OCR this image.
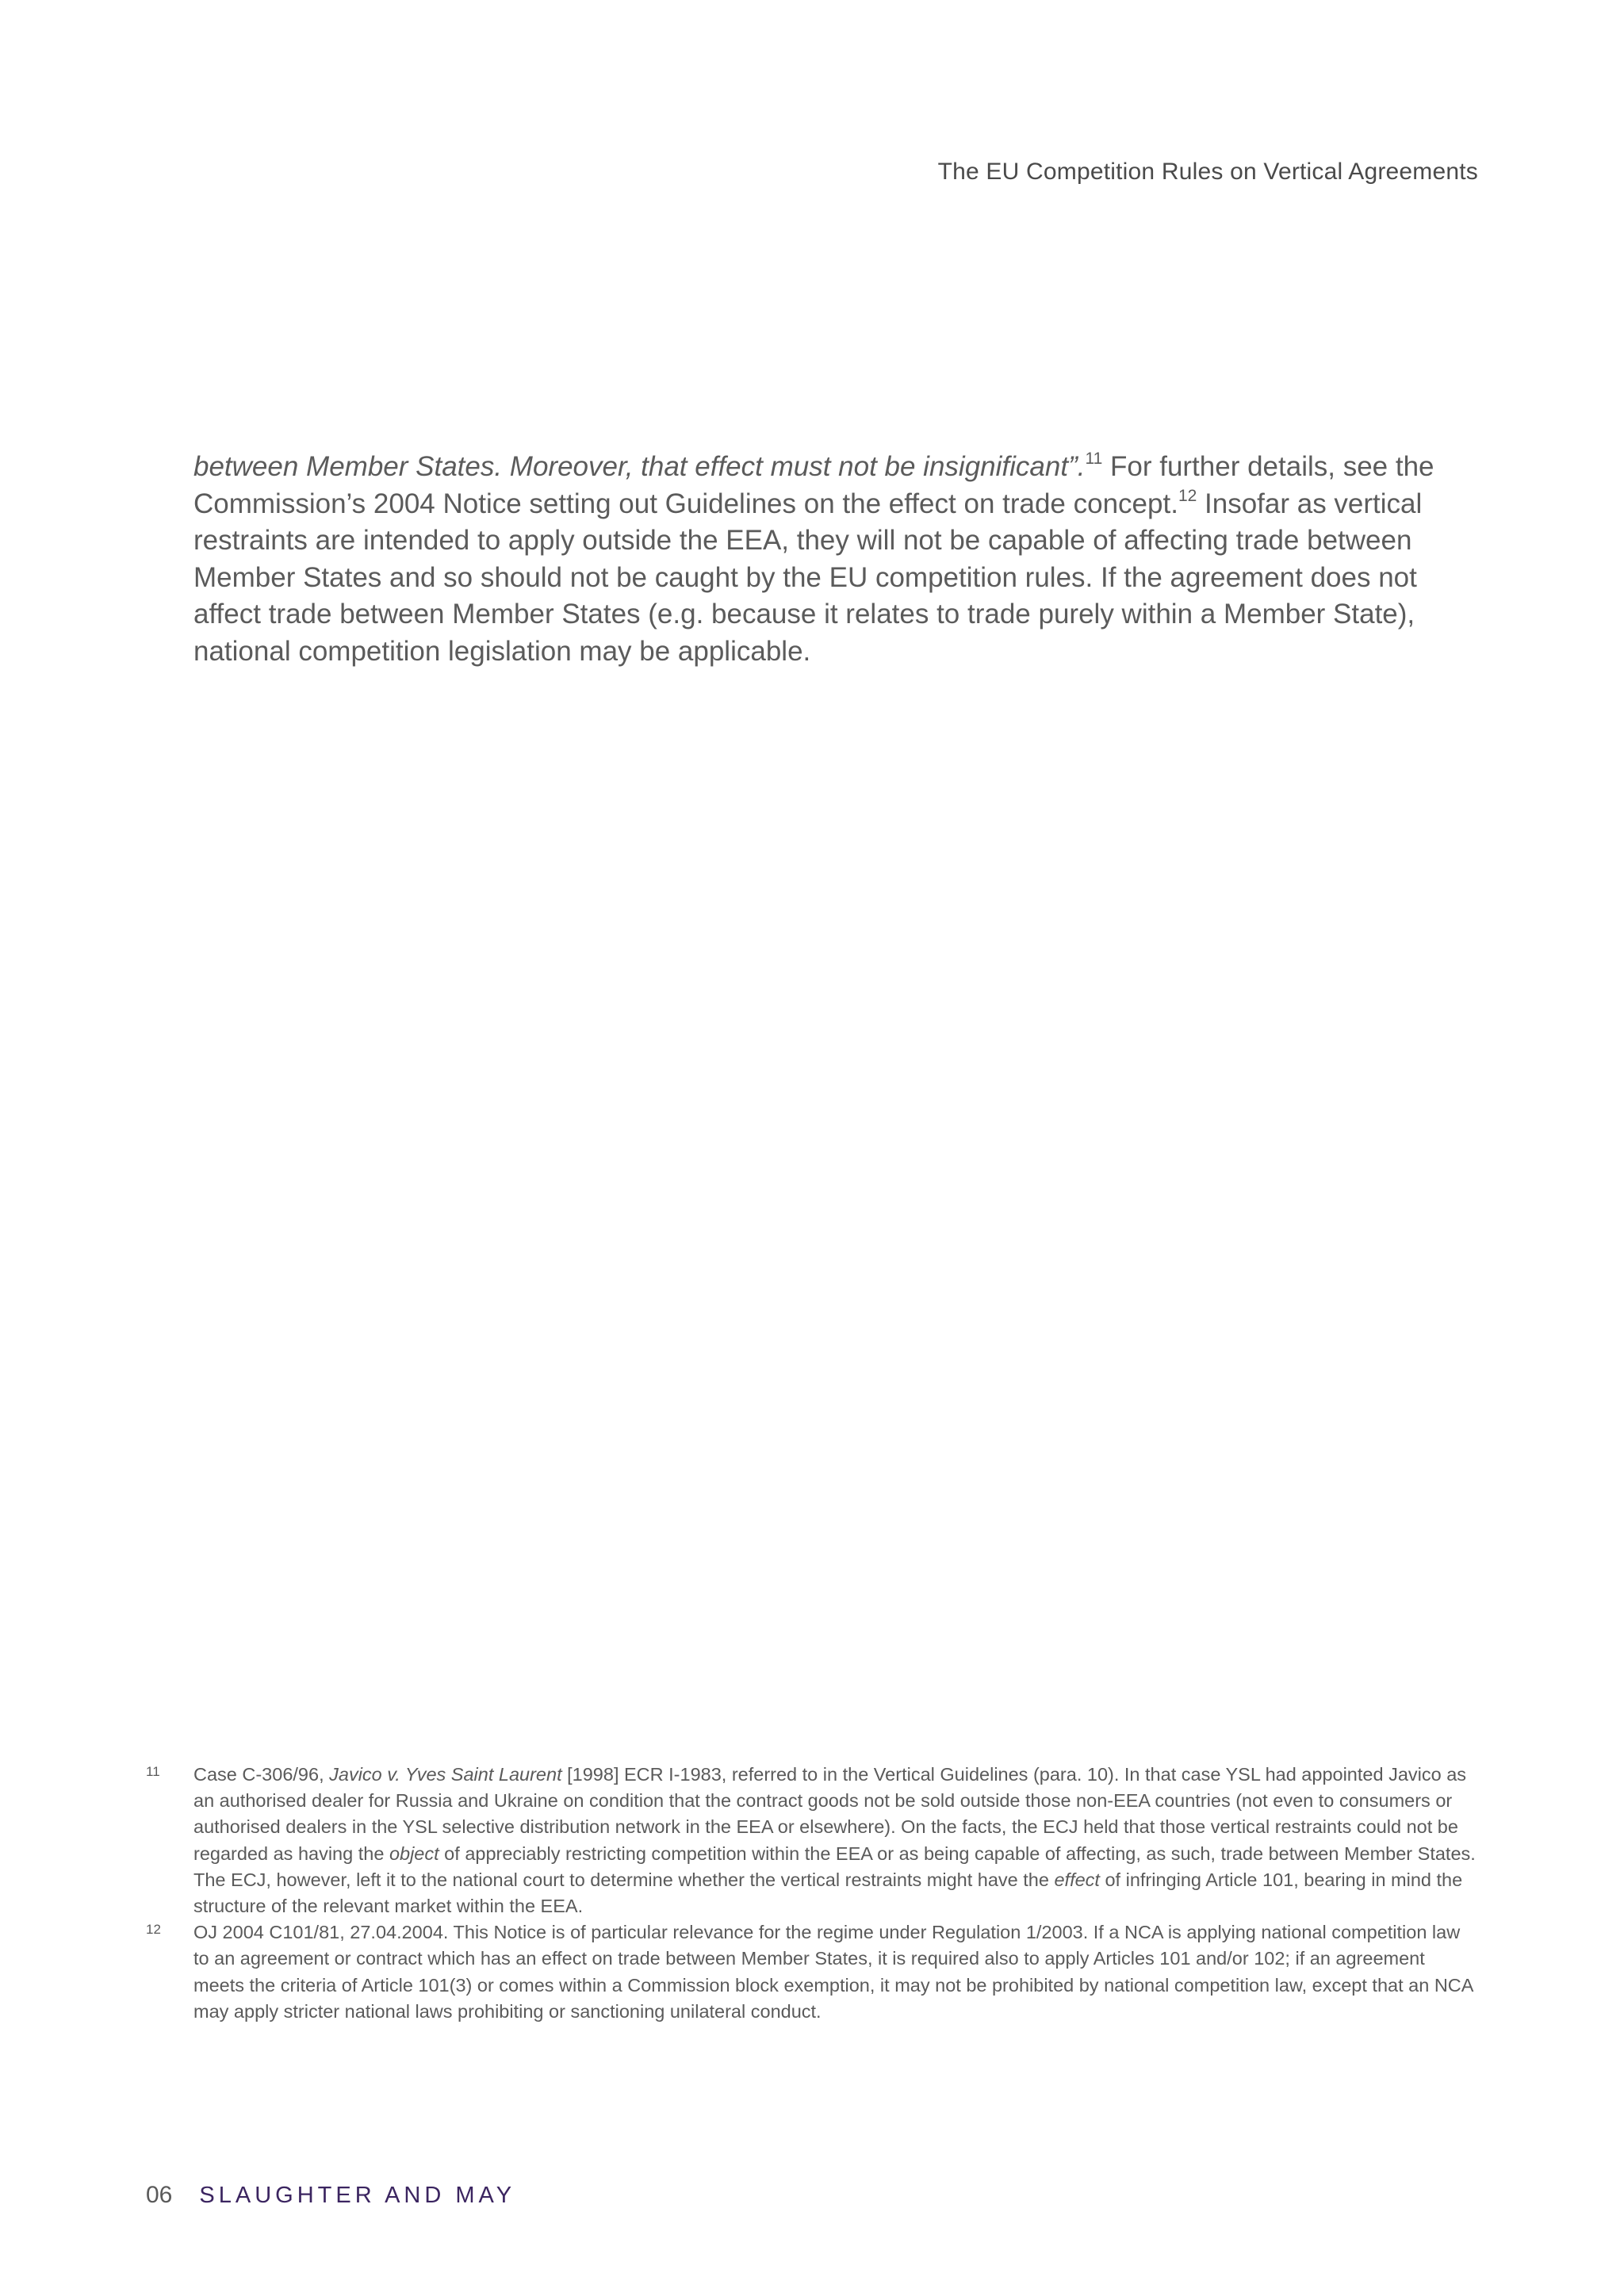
The EU Competition Rules on Vertical Agreements

between Member States. Moreover, that effect must not be insignificant”.$^{11}$ For further details, see the Commission’s 2004 Notice setting out Guidelines on the effect on trade concept.$^{12}$ Insofar as vertical restraints are intended to apply outside the EEA, they will not be capable of affecting trade between Member States and so should not be caught by the EU competition rules. If the agreement does not affect trade between Member States (e.g. because it relates to trade purely within a Member State), national competition legislation may be applicable.

11 Case C-306/96, Javico v. Yves Saint Laurent [1998] ECR I-1983, referred to in the Vertical Guidelines (para. 10). In that case YSL had appointed Javico as an authorised dealer for Russia and Ukraine on condition that the contract goods not be sold outside those non-EEA countries (not even to consumers or authorised dealers in the YSL selective distribution network in the EEA or elsewhere). On the facts, the ECJ held that those vertical restraints could not be regarded as having the object of appreciably restricting competition within the EEA or as being capable of affecting, as such, trade between Member States. The ECJ, however, left it to the national court to determine whether the vertical restraints might have the effect of infringing Article 101, bearing in mind the structure of the relevant market within the EEA.
12 OJ 2004 C101/81, 27.04.2004. This Notice is of particular relevance for the regime under Regulation 1/2003. If a NCA is applying national competition law to an agreement or contract which has an effect on trade between Member States, it is required also to apply Articles 101 and/or 102; if an agreement meets the criteria of Article 101(3) or comes within a Commission block exemption, it may not be prohibited by national competition law, except that an NCA may apply stricter national laws prohibiting or sanctioning unilateral conduct.
06 SLAUGHTER AND MAY
